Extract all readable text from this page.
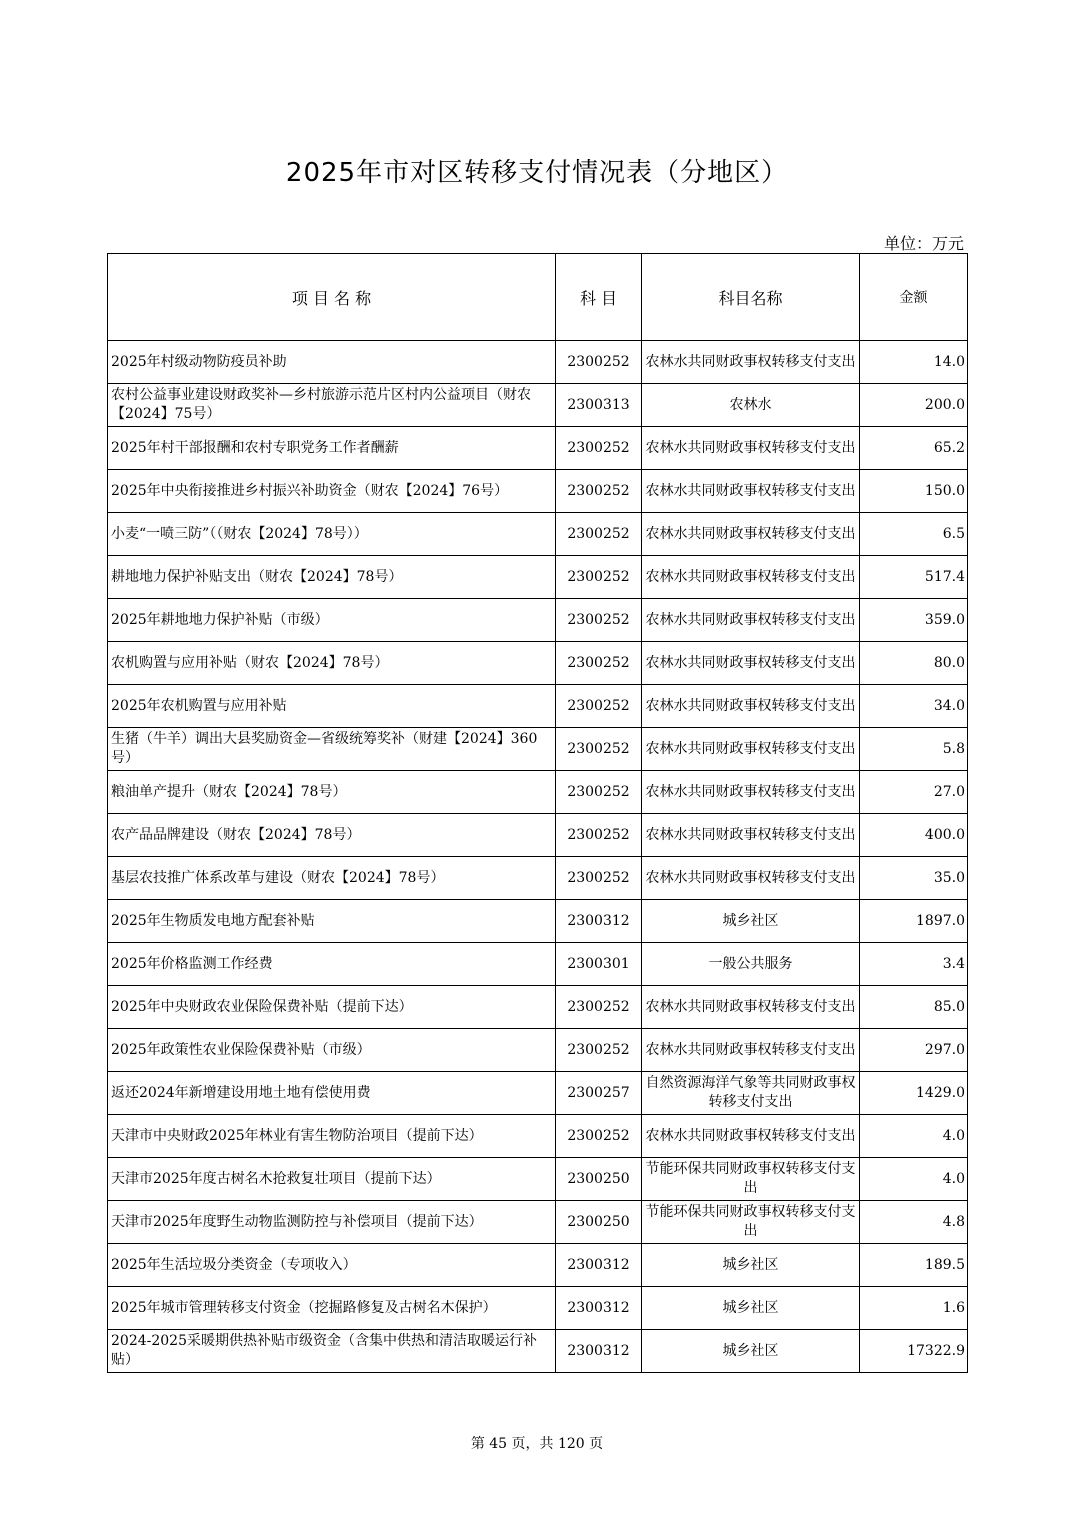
2025年市对区转移支付情况表（分地区）
单位：万元
项 目 名 称	科 目	科目名称	金额
2025年村级动物防疫员补助	2300252	农林水共同财政事权转移支付支出	14.0
农村公益事业建设财政奖补—乡村旅游示范片区村内公益项目（财农【2024】75号）	2300313	农林水	200.0
2025年村干部报酬和农村专职党务工作者酬薪	2300252	农林水共同财政事权转移支付支出	65.2
2025年中央衔接推进乡村振兴补助资金（财农【2024】76号）	2300252	农林水共同财政事权转移支付支出	150.0
小麦“一喷三防”（（财农【2024】78号））	2300252	农林水共同财政事权转移支付支出	6.5
耕地地力保护补贴支出（财农【2024】78号）	2300252	农林水共同财政事权转移支付支出	517.4
2025年耕地地力保护补贴（市级）	2300252	农林水共同财政事权转移支付支出	359.0
农机购置与应用补贴（财农【2024】78号）	2300252	农林水共同财政事权转移支付支出	80.0
2025年农机购置与应用补贴	2300252	农林水共同财政事权转移支付支出	34.0
生猪（牛羊）调出大县奖励资金—省级统筹奖补（财建【2024】360号）	2300252	农林水共同财政事权转移支付支出	5.8
粮油单产提升（财农【2024】78号）	2300252	农林水共同财政事权转移支付支出	27.0
农产品品牌建设（财农【2024】78号）	2300252	农林水共同财政事权转移支付支出	400.0
基层农技推广体系改革与建设（财农【2024】78号）	2300252	农林水共同财政事权转移支付支出	35.0
2025年生物质发电地方配套补贴	2300312	城乡社区	1897.0
2025年价格监测工作经费	2300301	一般公共服务	3.4
2025年中央财政农业保险保费补贴（提前下达）	2300252	农林水共同财政事权转移支付支出	85.0
2025年政策性农业保险保费补贴（市级）	2300252	农林水共同财政事权转移支付支出	297.0
返还2024年新增建设用地土地有偿使用费	2300257	自然资源海洋气象等共同财政事权转移支付支出	1429.0
天津市中央财政2025年林业有害生物防治项目（提前下达）	2300252	农林水共同财政事权转移支付支出	4.0
天津市2025年度古树名木抢救复壮项目（提前下达）	2300250	节能环保共同财政事权转移支付支出	4.0
天津市2025年度野生动物监测防控与补偿项目（提前下达）	2300250	节能环保共同财政事权转移支付支出	4.8
2025年生活垃圾分类资金（专项收入）	2300312	城乡社区	189.5
2025年城市管理转移支付资金（挖掘路修复及古树名木保护）	2300312	城乡社区	1.6
2024-2025采暖期供热补贴市级资金（含集中供热和清洁取暖运行补贴）	2300312	城乡社区	17322.9
第 45 页，共 120 页
